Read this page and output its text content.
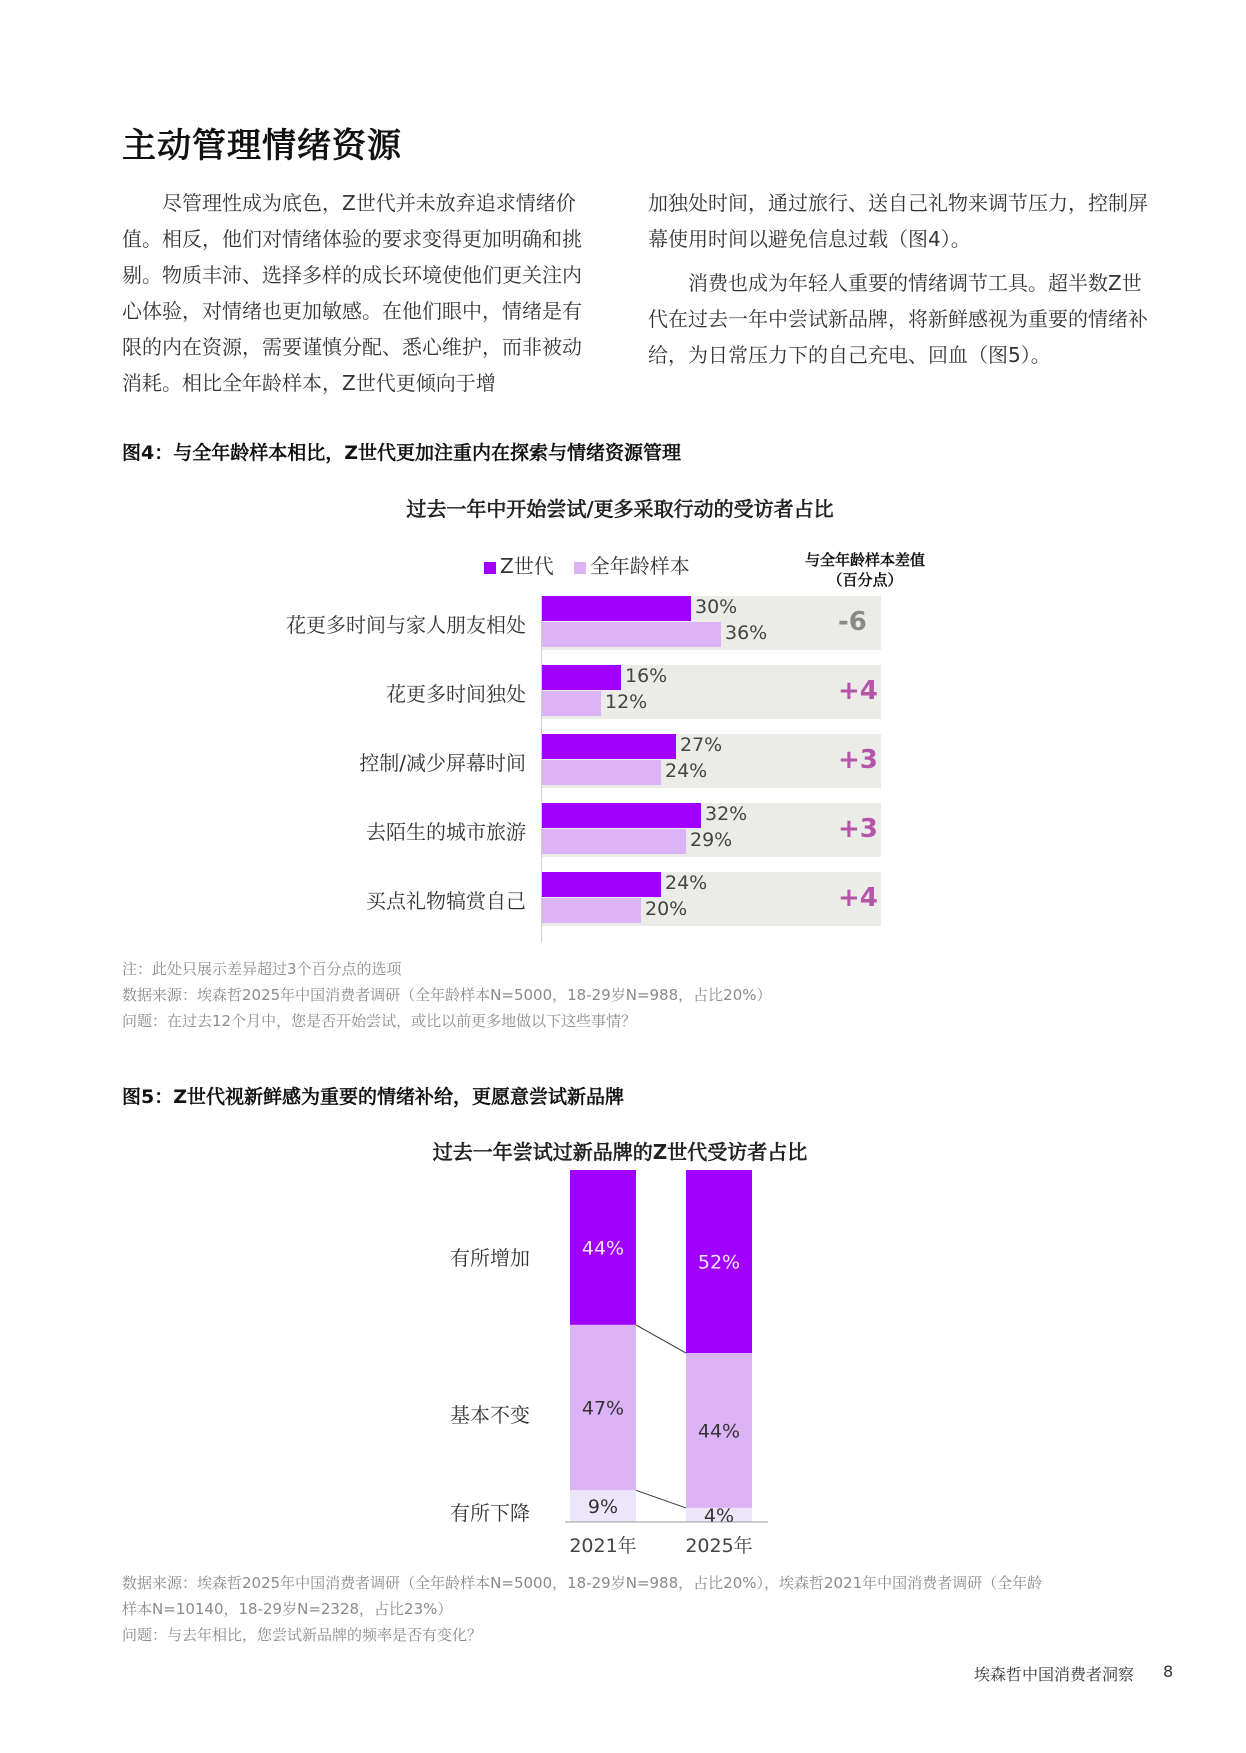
主动管理情绪资源

尽管理性成为底色，Z世代并未放弃追求情绪价值。相反，他们对情绪体验的要求变得更加明确和挑剔。物质丰沛、选择多样的成长环境使他们更关注内心体验，对情绪也更加敏感。在他们眼中，情绪是有限的内在资源，需要谨慎分配、悉心维护，而非被动消耗。相比全年龄样本，Z世代更倾向于增

加独处时间，通过旅行、送自己礼物来调节压力，控制屏幕使用时间以避免信息过载（图4）。

消费也成为年轻人重要的情绪调节工具。超半数Z世代在过去一年中尝试新品牌，将新鲜感视为重要的情绪补给，为日常压力下的自己充电、回血（图5）。

图4：与全年龄样本相比，Z世代更加注重内在探索与情绪资源管理
过去一年中开始尝试/更多采取行动的受访者占比
Z世代	全年龄样本	与全年龄样本差值
（百分点）
花更多时间与家人朋友相处
30%
36%	-6
花更多时间独处
16%
12%	+4
控制/减少屏幕时间
27%
24%	+3
去陌生的城市旅游
32%
29%	+3
买点礼物犒赏自己
24%
20%	+4
注：此处只展示差异超过3个百分点的选项
数据来源：埃森哲2025年中国消费者调研（全年龄样本N=5000，18-29岁N=988，占比20%）
问题：在过去12个月中，您是否开始尝试，或比以前更多地做以下这些事情？
图5：Z世代视新鲜感为重要的情绪补给，更愿意尝试新品牌
过去一年尝试过新品牌的Z世代受访者占比
有所增加
基本不变
有所下降
44%
47%
9%
2021年
52%
44%
4%
2025年
数据来源：埃森哲2025年中国消费者调研（全年龄样本N=5000，18-29岁N=988，占比20%），埃森哲2021年中国消费者调研（全年龄
样本N=10140，18-29岁N=2328，占比23%）
问题：与去年相比，您尝试新品牌的频率是否有变化？
埃森哲中国消费者洞察 8
